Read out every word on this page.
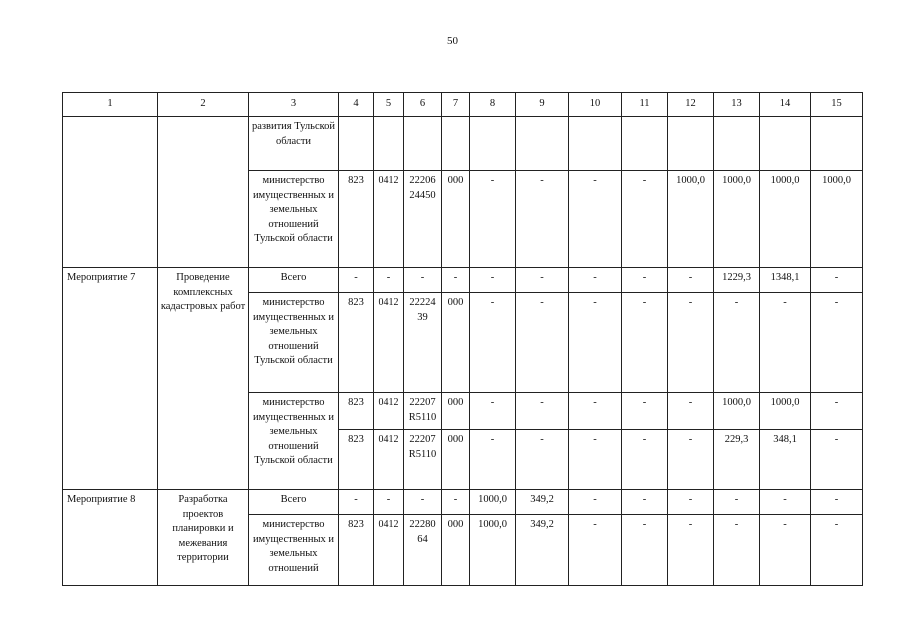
50
1	2	3	4	5	6	7	8	9	10	11	12	13	14	15
		развития Тульской области												
		министерство имущественных и земельных отношений Тульской области	823	0412	22206 24450	000	-	-	-	-	1000,0	1000,0	1000,0	1000,0
Мероприятие 7	Проведение комплексных кадастровых работ	Всего	-	-	-	-	-	-	-	-	-	1229,3	1348,1	-
		министерство имущественных и земельных отношений Тульской области	823	0412	22224 39	000	-	-	-	-	-	-	-	-
		министерство имущественных и земельных отношений Тульской области	823	0412	22207 R5110	000	-	-	-	-	-	1000,0	1000,0	-
			823	0412	22207 R5110	000	-	-	-	-	-	229,3	348,1	-
Мероприятие 8	Разработка проектов планировки и межевания территории	Всего	-	-	-	-	1000,0	349,2	-	-	-	-	-	-
		министерство имущественных и земельных отношений	823	0412	22280 64	000	1000,0	349,2	-	-	-	-	-	-
